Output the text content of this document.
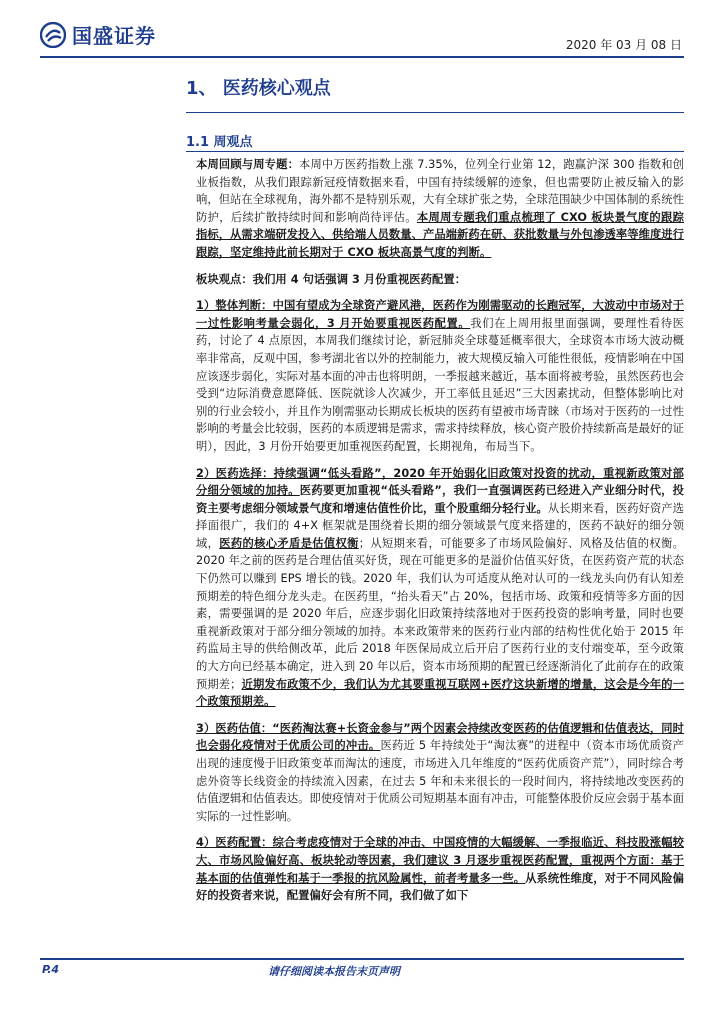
国盛证券	2020 年 03 月 08 日
1、 医药核心观点
1.1 周观点

本周回顾与周专题：本周中万医药指数上涨 7.35%，位列全行业第 12，跑赢沪深 300 指数和创业板指数，从我们跟踪新冠疫情数据来看，中国有持续缓解的迹象，但也需要防止被反输入的影响，但站在全球视角，海外都不是特别乐观，大有全球扩张之势，全球范围缺少中国体制的系统性防护，后续扩散持续时间和影响尚待评估。本周周专题我们重点梳理了 CXO 板块景气度的跟踪指标，从需求端研发投入、供给端人员数量、产品端新药在研、获批数量与外包渗透率等维度进行跟踪，坚定维持此前长期对于 CXO 板块高景气度的判断。

板块观点：我们用 4 句话强调 3 月份重视医药配置：

1）整体判断：中国有望成为全球资产避风港，医药作为刚需驱动的长跑冠军，大波动中市场对于一过性影响考量会弱化，3 月开始要重视医药配置。我们在上周用报里面强调，要理性看待医药，讨论了 4 点原因，本周我们继续讨论，新冠肺炎全球蔓延概率很大，全球资本市场大波动概率非常高，反观中国，参考湖北省以外的控制能力，被大规模反输入可能性很低，疫情影响在中国应该逐步弱化，实际对基本面的冲击也将明朗，一季报越来越近，基本面将被考验，虽然医药也会受到“边际消费意愿降低、医院就诊人次减少，开工率低且延迟”三大因素扰动，但整体影响比对别的行业会较小，并且作为刚需驱动长期成长板块的医药有望被市场青睐（市场对于医药的一过性影响的考量会比较弱，医药的本质逻辑是需求，需求持续释放，核心资产股价持续新高是最好的证明），因此，3 月份开始要更加重视医药配置，长期视角，布局当下。

2）医药选择：持续强调“低头看路”，2020 年开始弱化旧政策对投资的扰动，重视新政策对部分细分领域的加持。医药要更加重视“低头看路”，我们一直强调医药已经进入产业细分时代，投资主要考虑细分领域景气度和增速估值性价比，重个股重细分轻行业。从长期来看，医药好资产选择面很广，我们的 4+X 框架就是围绕着长期的细分领域景气度来搭建的，医药不缺好的细分领域，医药的核心矛盾是估值权衡；从短期来看，可能要多了市场风险偏好、风格及估值的权衡。2020 年之前的医药是合理估值买好货，现在可能更多的是溢价估值买好货，在医药资产荒的状态下仍然可以赚到 EPS 增长的钱。2020 年，我们认为可适度从绝对认可的一线龙头向仍有认知差预期差的特色细分龙头走。在医药里，“抬头看天”占 20%，包括市场、政策和疫情等多方面的因素，需要强调的是 2020 年后，应逐步弱化旧政策持续落地对于医药投资的影响考量，同时也要重视新政策对于部分细分领域的加持。本来政策带来的医药行业内部的结构性优化始于 2015 年药监局主导的供给侧改革，此后 2018 年医保局成立后开启了医药行业的支付端变革，至今政策的大方向已经基本确定，进入到 20 年以后，资本市场预期的配置已经逐渐消化了此前存在的政策预期差；近期发布政策不少，我们认为尤其要重视互联网+医疗这块新增的增量，这会是今年的一个政策预期差。

3）医药估值：“医药淘汰赛+长资金参与”两个因素会持续改变医药的估值逻辑和估值表达，同时也会弱化疫情对于优质公司的冲击。医药近 5 年持续处于“淘汰赛”的进程中（资本市场优质资产出现的速度慢于旧政策变革而淘汰的速度，市场进入几年维度的“医药优质资产荒”），同时综合考虑外资等长线资金的持续流入因素，在过去 5 年和未来很长的一段时间内，将持续地改变医药的估值逻辑和估值表达。即使疫情对于优质公司短期基本面有冲击，可能整体股价反应会弱于基本面实际的一过性影响。

4）医药配置：综合考虑疫情对于全球的冲击、中国疫情的大幅缓解、一季报临近、科技股涨幅较大、市场风险偏好高、板块轮动等因素，我们建议 3 月逐步重视医药配置，重视两个方面：基于基本面的估值弹性和基于一季报的抗风险属性，前者考量多一些。从系统性维度，对于不同风险偏好的投资者来说，配置偏好会有所不同，我们做了如下

P.4	请仔细阅读本报告末页声明
